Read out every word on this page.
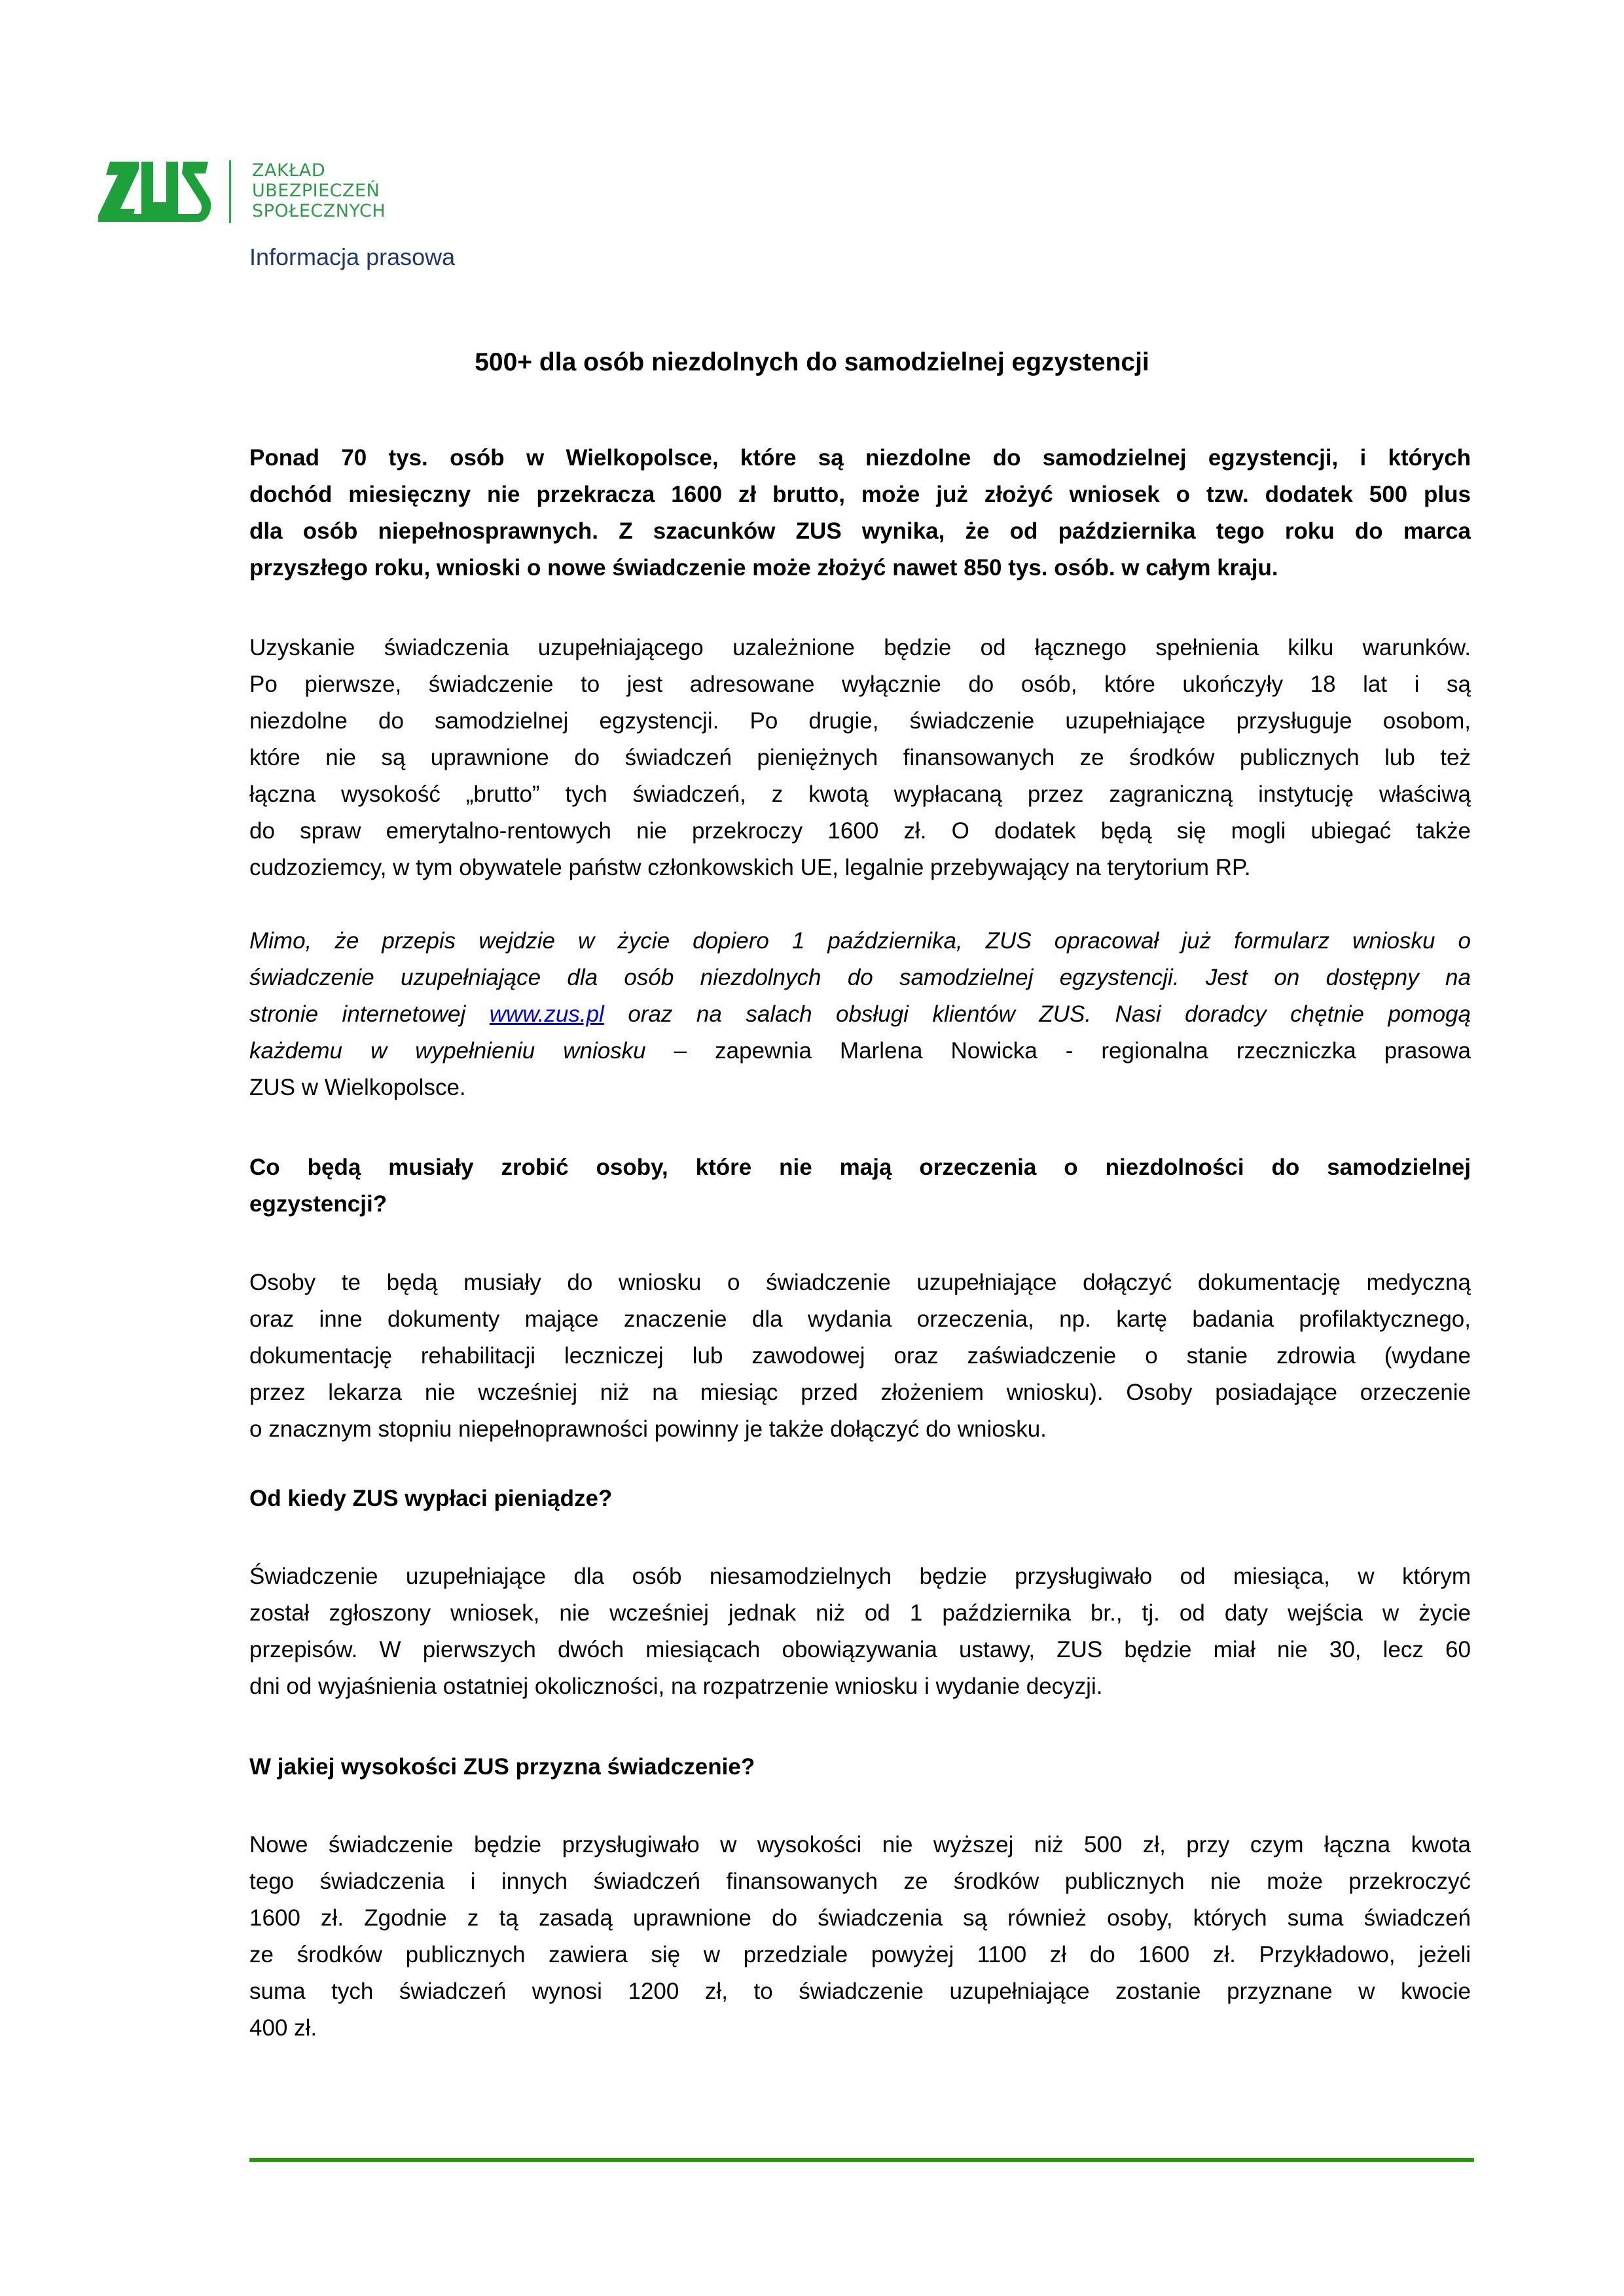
ZAKŁAD
UBEZPIECZEŃ
SPOŁECZNYCH
Informacja prasowa
500+ dla osób niezdolnych do samodzielnej egzystencji
Ponad 70 tys. osób w Wielkopolsce, które są niezdolne do samodzielnej egzystencji, i których
dochód miesięczny nie przekracza 1600 zł brutto, może już złożyć wniosek o tzw. dodatek 500 plus
dla osób niepełnosprawnych. Z szacunków ZUS wynika, że od października tego roku do marca
przyszłego roku, wnioski o nowe świadczenie może złożyć nawet 850 tys. osób. w całym kraju.
Uzyskanie świadczenia uzupełniającego uzależnione będzie od łącznego spełnienia kilku warunków.
Po pierwsze, świadczenie to jest adresowane wyłącznie do osób, które ukończyły 18 lat i są
niezdolne do samodzielnej egzystencji. Po drugie, świadczenie uzupełniające przysługuje osobom,
które nie są uprawnione do świadczeń pieniężnych finansowanych ze środków publicznych lub też
łączna wysokość „brutto” tych świadczeń, z kwotą wypłacaną przez zagraniczną instytucję właściwą
do spraw emerytalno-rentowych nie przekroczy 1600 zł. O dodatek będą się mogli ubiegać także
cudzoziemcy, w tym obywatele państw członkowskich UE, legalnie przebywający na terytorium RP.
Mimo, że przepis wejdzie w życie dopiero 1 października, ZUS opracował już formularz wniosku o
świadczenie uzupełniające dla osób niezdolnych do samodzielnej egzystencji. Jest on dostępny na
stronie internetowej www.zus.pl oraz na salach obsługi klientów ZUS. Nasi doradcy chętnie pomogą
każdemu w wypełnieniu wniosku – zapewnia Marlena Nowicka - regionalna rzeczniczka prasowa
ZUS w Wielkopolsce.
Co będą musiały zrobić osoby, które nie mają orzeczenia o niezdolności do samodzielnej
egzystencji?
Osoby te będą musiały do wniosku o świadczenie uzupełniające dołączyć dokumentację medyczną
oraz inne dokumenty mające znaczenie dla wydania orzeczenia, np. kartę badania profilaktycznego,
dokumentację rehabilitacji leczniczej lub zawodowej oraz zaświadczenie o stanie zdrowia (wydane
przez lekarza nie wcześniej niż na miesiąc przed złożeniem wniosku). Osoby posiadające orzeczenie
o znacznym stopniu niepełnoprawności powinny je także dołączyć do wniosku.
Od kiedy ZUS wypłaci pieniądze?
Świadczenie uzupełniające dla osób niesamodzielnych będzie przysługiwało od miesiąca, w którym
został zgłoszony wniosek, nie wcześniej jednak niż od 1 października br., tj. od daty wejścia w życie
przepisów. W pierwszych dwóch miesiącach obowiązywania ustawy, ZUS będzie miał nie 30, lecz 60
dni od wyjaśnienia ostatniej okoliczności, na rozpatrzenie wniosku i wydanie decyzji.
W jakiej wysokości ZUS przyzna świadczenie?
Nowe świadczenie będzie przysługiwało w wysokości nie wyższej niż 500 zł, przy czym łączna kwota
tego świadczenia i innych świadczeń finansowanych ze środków publicznych nie może przekroczyć
1600 zł. Zgodnie z tą zasadą uprawnione do świadczenia są również osoby, których suma świadczeń
ze środków publicznych zawiera się w przedziale powyżej 1100 zł do 1600 zł. Przykładowo, jeżeli
suma tych świadczeń wynosi 1200 zł, to świadczenie uzupełniające zostanie przyznane w kwocie
400 zł.
